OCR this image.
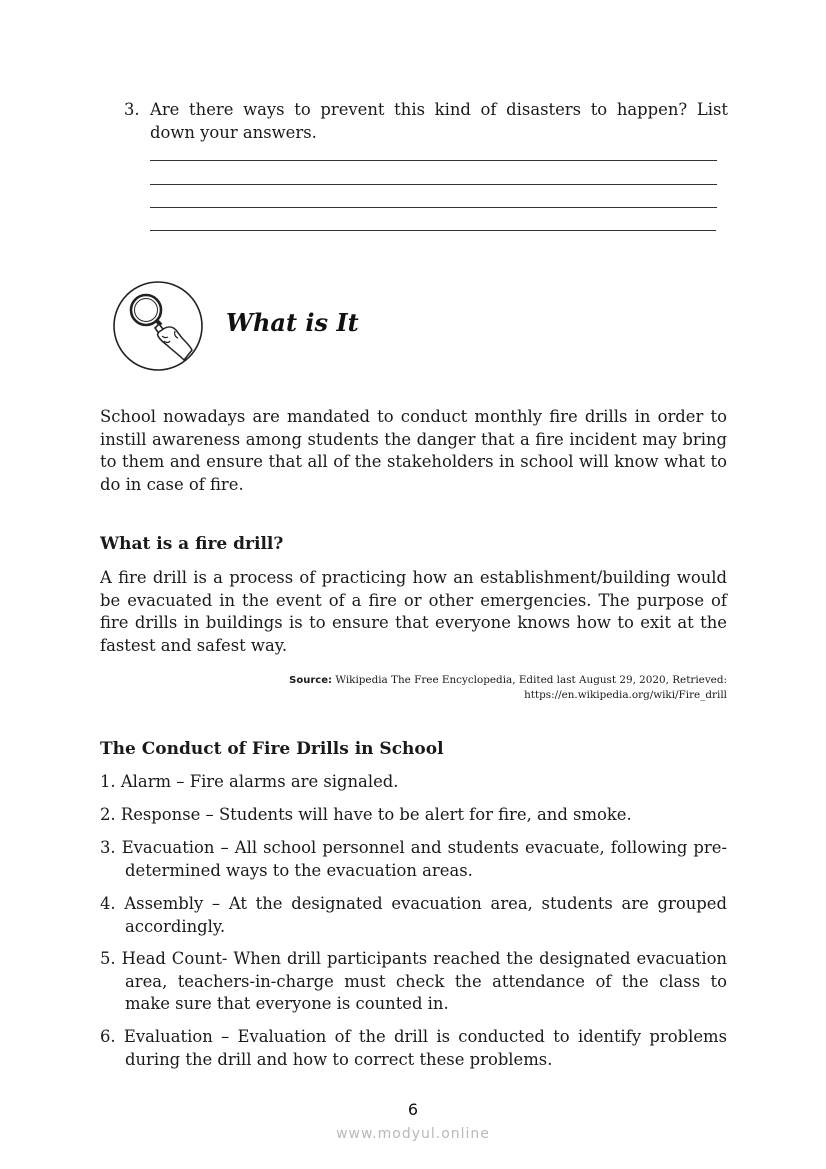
3. Are there ways to prevent this kind of disasters to happen? List down your answers.
What is It

School nowadays are mandated to conduct monthly fire drills in order to instill awareness among students the danger that a fire incident may bring to them and ensure that all of the stakeholders in school will know what to do in case of fire.

What is a fire drill?

A fire drill is a process of practicing how an establishment/building would be evacuated in the event of a fire or other emergencies. The purpose of fire drills in buildings is to ensure that everyone knows how to exit at the fastest and safest way.

Source: Wikipedia The Free Encyclopedia, Edited last August 29, 2020, Retrieved:
https://en.wikipedia.org/wiki/Fire_drill
The Conduct of Fire Drills in School
1. Alarm – Fire alarms are signaled.
2. Response – Students will have to be alert for fire, and smoke.
3. Evacuation – All school personnel and students evacuate, following pre-determined ways to the evacuation areas.
4. Assembly – At the designated evacuation area, students are grouped accordingly.
5. Head Count- When drill participants reached the designated evacuation area, teachers-in-charge must check the attendance of the class to make sure that everyone is counted in.
6. Evaluation – Evaluation of the drill is conducted to identify problems during the drill and how to correct these problems.
6
www.modyul.online
